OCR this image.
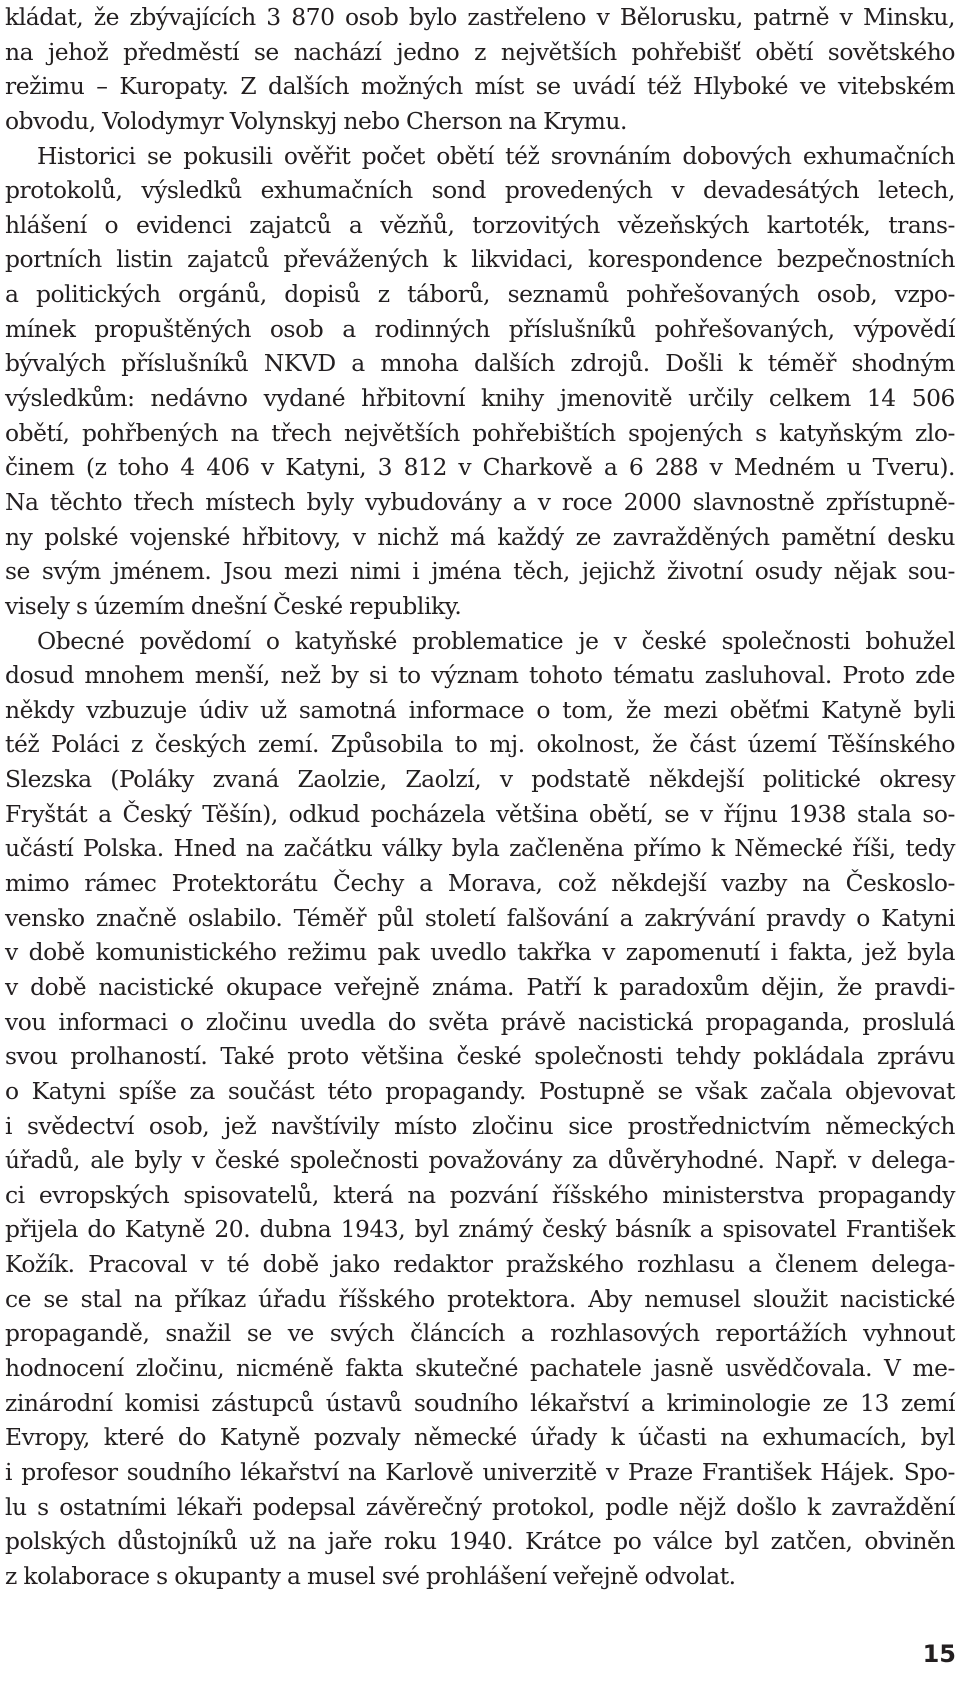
kládat, že zbývajících 3 870 osob bylo zastřeleno v Bělorusku, patrně v Minsku,
na jehož předměstí se nachází jedno z největších pohřebišť obětí sovětského
režimu – Kuropaty. Z dalších možných míst se uvádí též Hlyboké ve vitebském
obvodu, Volodymyr Volynskyj nebo Cherson na Krymu.
Historici se pokusili ověřit počet obětí též srovnáním dobových exhumačních
protokolů, výsledků exhumačních sond provedených v devadesátých letech,
hlášení o evidenci zajatců a vězňů, torzovitých vězeňských kartoték, trans-
portních listin zajatců převážených k likvidaci, korespondence bezpečnostních
a politických orgánů, dopisů z táborů, seznamů pohřešovaných osob, vzpo-
mínek propuštěných osob a rodinných příslušníků pohřešovaných, výpovědí
bývalých příslušníků NKVD a mnoha dalších zdrojů. Došli k téměř shodným
výsledkům: nedávno vydané hřbitovní knihy jmenovitě určily celkem 14 506
obětí, pohřbených na třech největších pohřebištích spojených s katyňským zlo-
činem (z toho 4 406 v Katyni, 3 812 v Charkově a 6 288 v Medném u Tveru).
Na těchto třech místech byly vybudovány a v roce 2000 slavnostně zpřístupně-
ny polské vojenské hřbitovy, v nichž má každý ze zavražděných pamětní desku
se svým jménem. Jsou mezi nimi i jména těch, jejichž životní osudy nějak sou-
visely s územím dnešní České republiky.
Obecné povědomí o katyňské problematice je v české společnosti bohužel
dosud mnohem menší, než by si to význam tohoto tématu zasluhoval. Proto zde
někdy vzbuzuje údiv už samotná informace o tom, že mezi oběťmi Katyně byli
též Poláci z českých zemí. Způsobila to mj. okolnost, že část území Těšínského
Slezska (Poláky zvaná Zaolzie, Zaolzí, v podstatě někdejší politické okresy
Fryštát a Český Těšín), odkud pocházela většina obětí, se v říjnu 1938 stala so-
učástí Polska. Hned na začátku války byla začleněna přímo k Německé říši, tedy
mimo rámec Protektorátu Čechy a Morava, což někdejší vazby na Českoslo-
vensko značně oslabilo. Téměř půl století falšování a zakrývání pravdy o Katyni
v době komunistického režimu pak uvedlo takřka v zapomenutí i fakta, jež byla
v době nacistické okupace veřejně známa. Patří k paradoxům dějin, že pravdi-
vou informaci o zločinu uvedla do světa právě nacistická propaganda, proslulá
svou prolhaností. Také proto většina české společnosti tehdy pokládala zprávu
o Katyni spíše za součást této propagandy. Postupně se však začala objevovat
i svědectví osob, jež navštívily místo zločinu sice prostřednictvím německých
úřadů, ale byly v české společnosti považovány za důvěryhodné. Např. v delega-
ci evropských spisovatelů, která na pozvání říšského ministerstva propagandy
přijela do Katyně 20. dubna 1943, byl známý český básník a spisovatel František
Kožík. Pracoval v té době jako redaktor pražského rozhlasu a členem delega-
ce se stal na příkaz úřadu říšského protektora. Aby nemusel sloužit nacistické
propagandě, snažil se ve svých článcích a rozhlasových reportážích vyhnout
hodnocení zločinu, nicméně fakta skutečné pachatele jasně usvědčovala. V me-
zinárodní komisi zástupců ústavů soudního lékařství a kriminologie ze 13 zemí
Evropy, které do Katyně pozvaly německé úřady k účasti na exhumacích, byl
i profesor soudního lékařství na Karlově univerzitě v Praze František Hájek. Spo-
lu s ostatními lékaři podepsal závěrečný protokol, podle nějž došlo k zavraždění
polských důstojníků už na jaře roku 1940. Krátce po válce byl zatčen, obviněn
z kolaborace s okupanty a musel své prohlášení veřejně odvolat.
15
